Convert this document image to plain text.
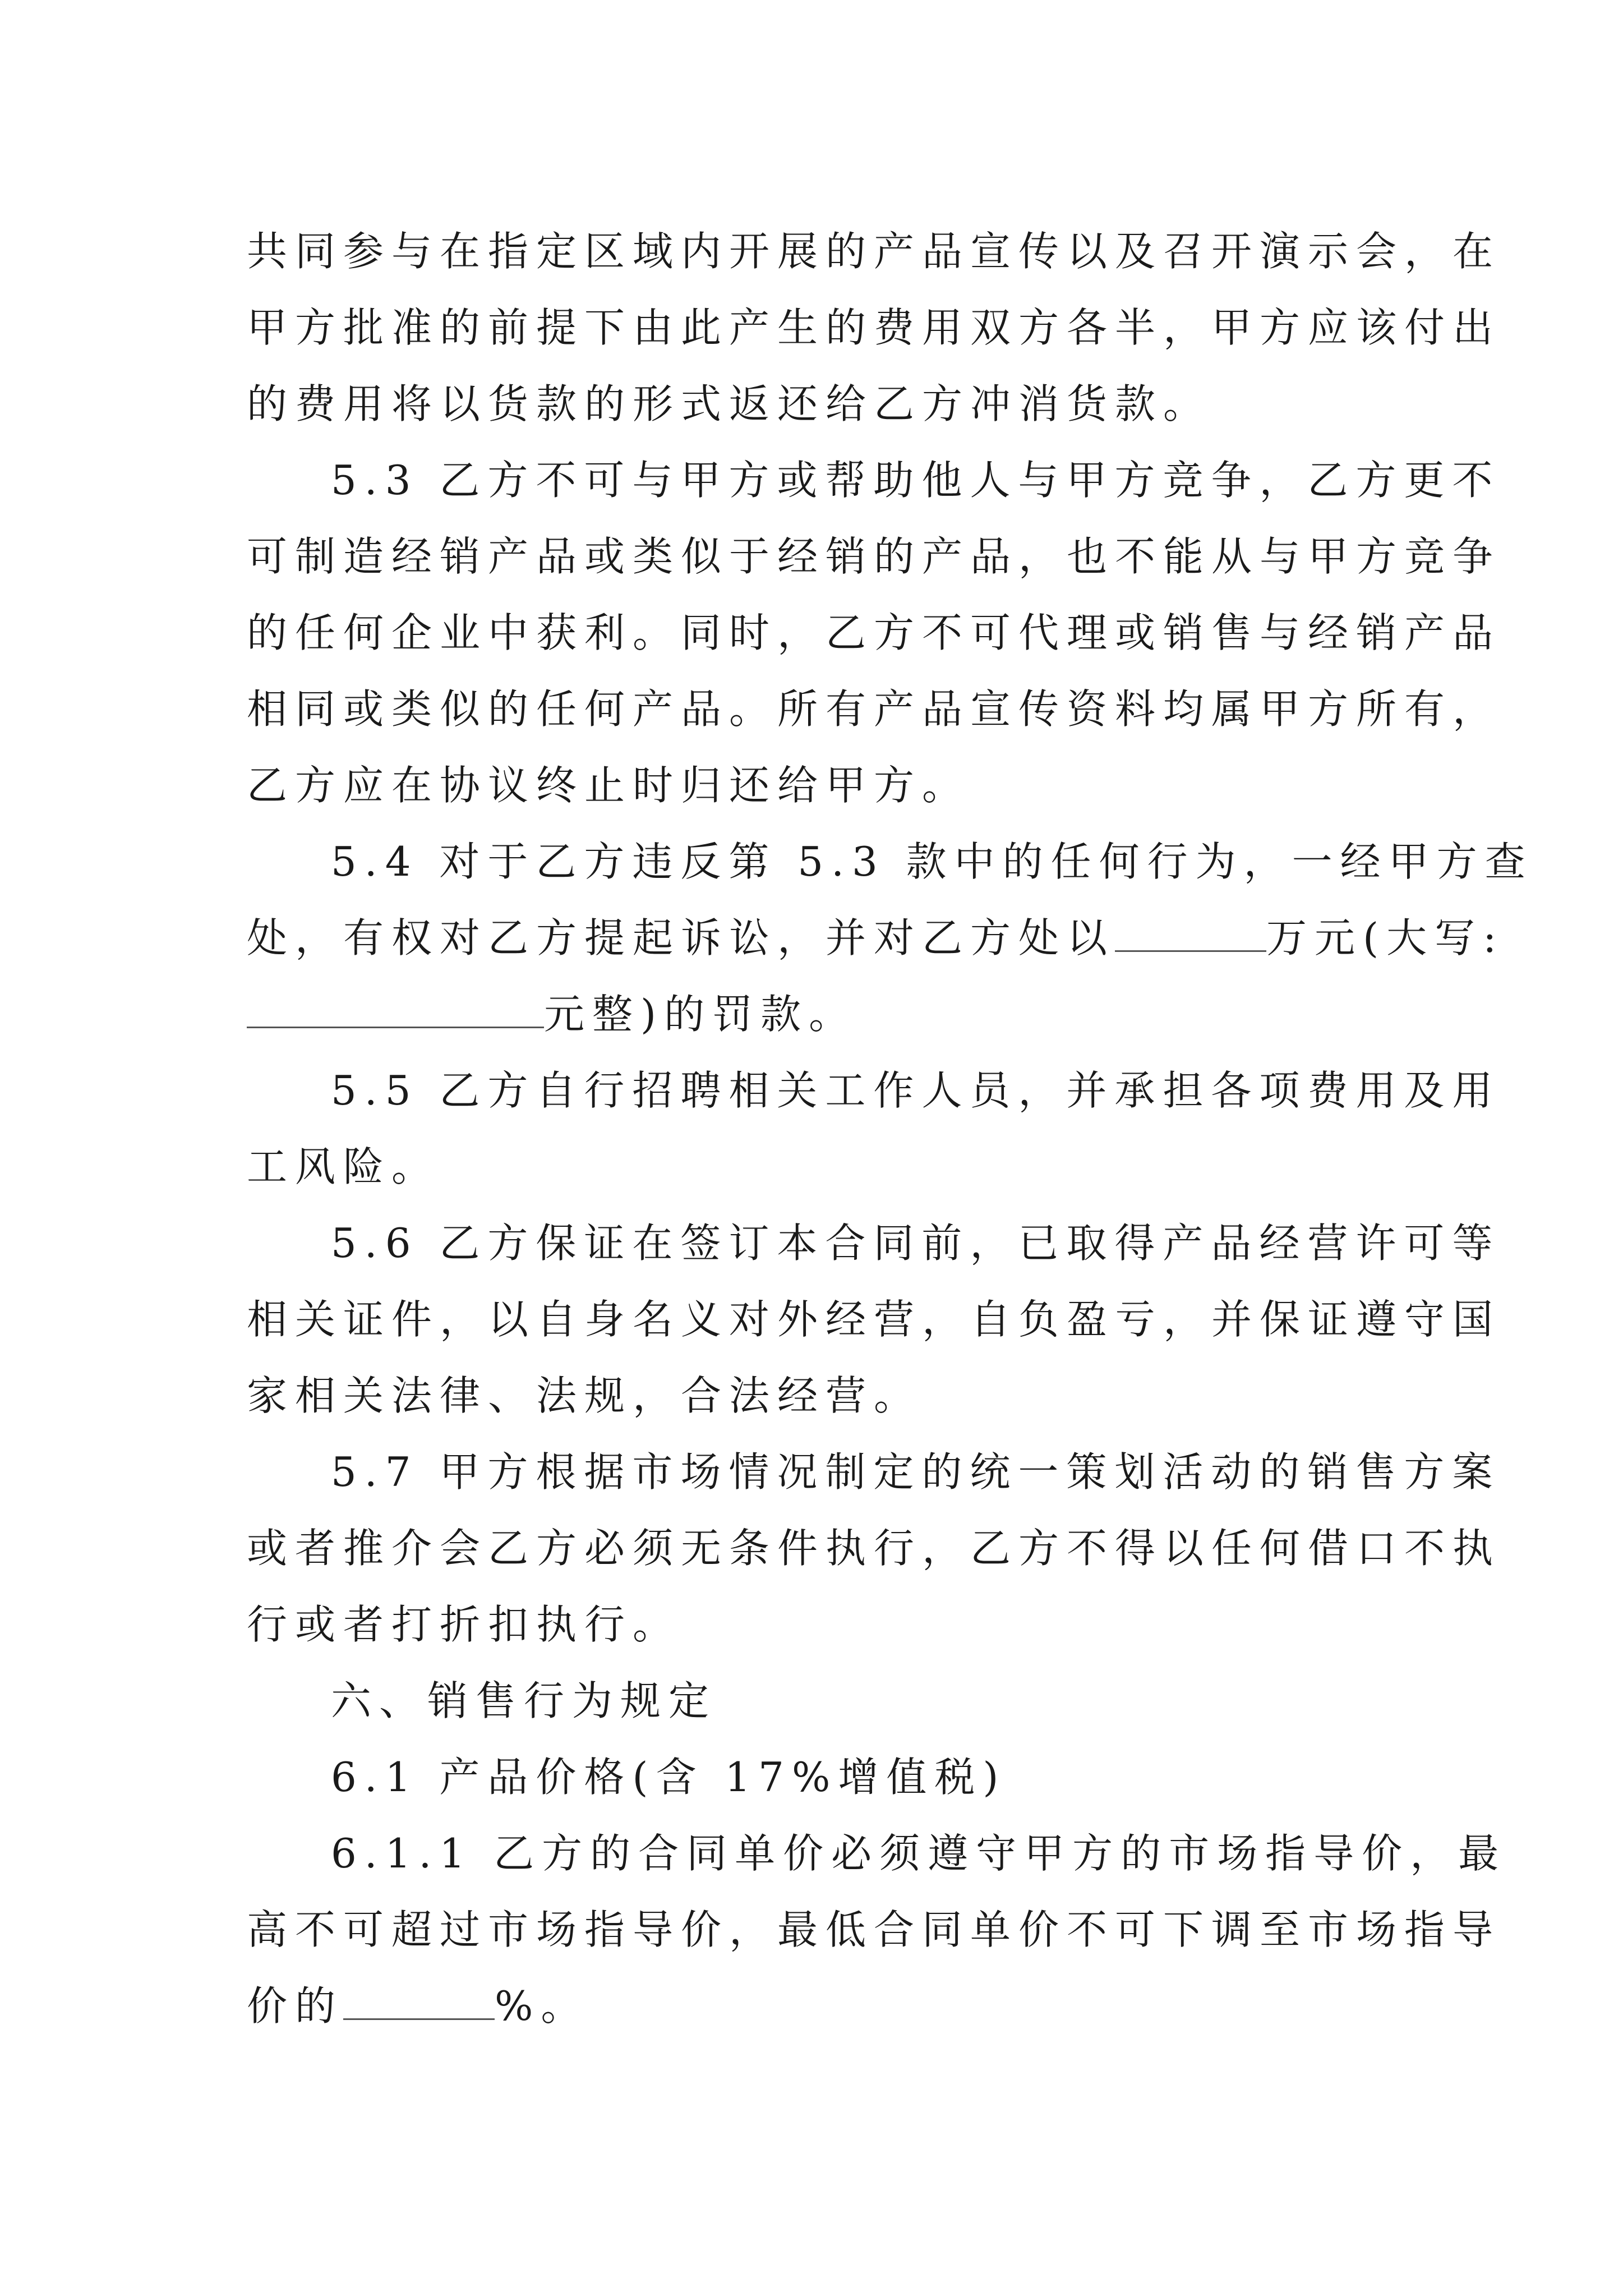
共同参与在指定区域内开展的产品宣传以及召开演示会，在
甲方批准的前提下由此产生的费用双方各半，甲方应该付出
的费用将以货款的形式返还给乙方冲消货款。
5.3 乙方不可与甲方或帮助他人与甲方竞争，乙方更不
可制造经销产品或类似于经销的产品，也不能从与甲方竞争
的任何企业中获利。同时，乙方不可代理或销售与经销产品
相同或类似的任何产品。所有产品宣传资料均属甲方所有，
乙方应在协议终止时归还给甲方。
5.4 对于乙方违反第 5.3 款中的任何行为，一经甲方查
处，有权对乙方提起诉讼，并对乙方处以	万元(大写:
元整)的罚款。
5.5 乙方自行招聘相关工作人员，并承担各项费用及用
工风险。
5.6 乙方保证在签订本合同前，已取得产品经营许可等
相关证件，以自身名义对外经营，自负盈亏，并保证遵守国
家相关法律、法规，合法经营。
5.7 甲方根据市场情况制定的统一策划活动的销售方案
或者推介会乙方必须无条件执行，乙方不得以任何借口不执
行或者打折扣执行。
六、销售行为规定
6.1 产品价格(含 17%增值税)
6.1.1 乙方的合同单价必须遵守甲方的市场指导价，最
高不可超过市场指导价，最低合同单价不可下调至市场指导
价的	%。
